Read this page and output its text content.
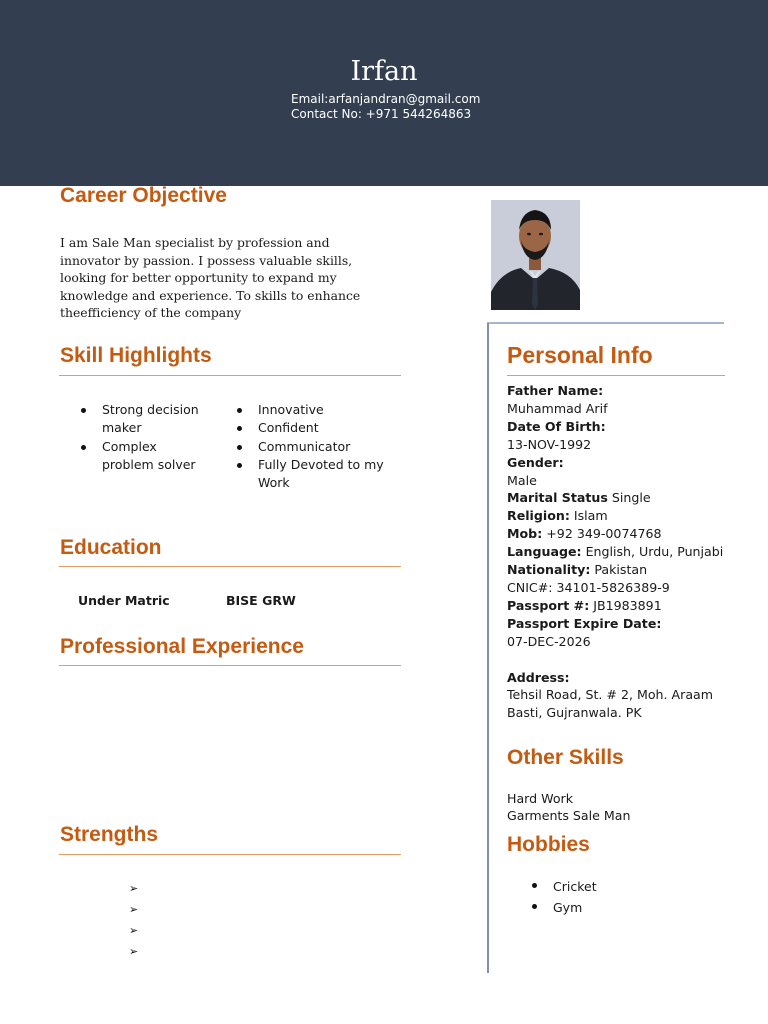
Irfan
Email:arfanjandran@gmail.com
Contact No: +971 544264863
Career Objective
I am Sale Man specialist by profession and
innovator by passion. I possess valuable skills,
looking for better opportunity to expand my
knowledge and experience. To skills to enhance
theefficiency of the company
Skill Highlights
Strong decision
maker
Complex
problem solver
Innovative
Confident
Communicator
Fully Devoted to my
Work
Education
Under Matric	BISE GRW
Professional Experience
Strengths
➢
➢
➢
➢
Personal Info
Father Name:
Muhammad Arif
Date Of Birth:
13-NOV-1992
Gender:
Male
Marital Status Single
Religion: Islam
Mob: +92 349-0074768
Language: English, Urdu, Punjabi
Nationality: Pakistan
CNIC#: 34101-5826389-9
Passport #: JB1983891
Passport Expire Date:
07-DEC-2026

Address:
Tehsil Road, St. # 2, Moh. Araam
Basti, Gujranwala. PK
Other Skills
Hard Work
Garments Sale Man
Hobbies
Cricket
Gym
